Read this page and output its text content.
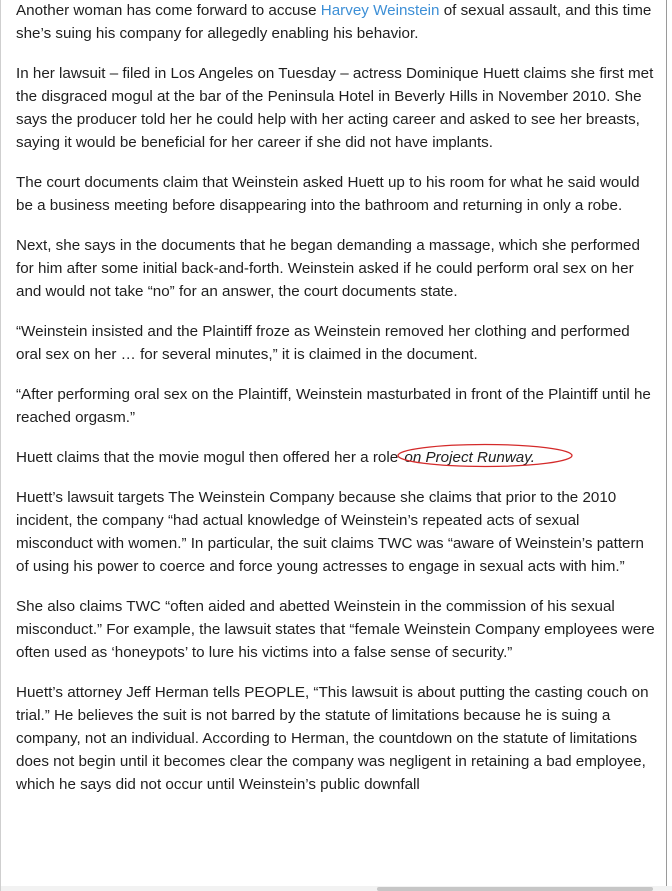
Another woman has come forward to accuse Harvey Weinstein of sexual assault, and this time she’s suing his company for allegedly enabling his behavior.

In her lawsuit – filed in Los Angeles on Tuesday – actress Dominique Huett claims she first met the disgraced mogul at the bar of the Peninsula Hotel in Beverly Hills in November 2010. She says the producer told her he could help with her acting career and asked to see her breasts, saying it would be beneficial for her career if she did not have implants.

The court documents claim that Weinstein asked Huett up to his room for what he said would be a business meeting before disappearing into the bathroom and returning in only a robe.

Next, she says in the documents that he began demanding a massage, which she performed for him after some initial back-and-forth. Weinstein asked if he could perform oral sex on her and would not take “no” for an answer, the court documents state.

“Weinstein insisted and the Plaintiff froze as Weinstein removed her clothing and performed oral sex on her … for several minutes,” it is claimed in the document.

“After performing oral sex on the Plaintiff, Weinstein masturbated in front of the Plaintiff until he reached orgasm.”

Huett claims that the movie mogul then offered her a role on Project Runway.

Huett’s lawsuit targets The Weinstein Company because she claims that prior to the 2010 incident, the company “had actual knowledge of Weinstein’s repeated acts of sexual misconduct with women.” In particular, the suit claims TWC was “aware of Weinstein’s pattern of using his power to coerce and force young actresses to engage in sexual acts with him.”

She also claims TWC “often aided and abetted Weinstein in the commission of his sexual misconduct.” For example, the lawsuit states that “female Weinstein Company employees were often used as ‘honeypots’ to lure his victims into a false sense of security.”

Huett’s attorney Jeff Herman tells PEOPLE, “This lawsuit is about putting the casting couch on trial.” He believes the suit is not barred by the statute of limitations because he is suing a company, not an individual. According to Herman, the countdown on the statute of limitations does not begin until it becomes clear the company was negligent in retaining a bad employee, which he says did not occur until Weinstein’s public downfall
